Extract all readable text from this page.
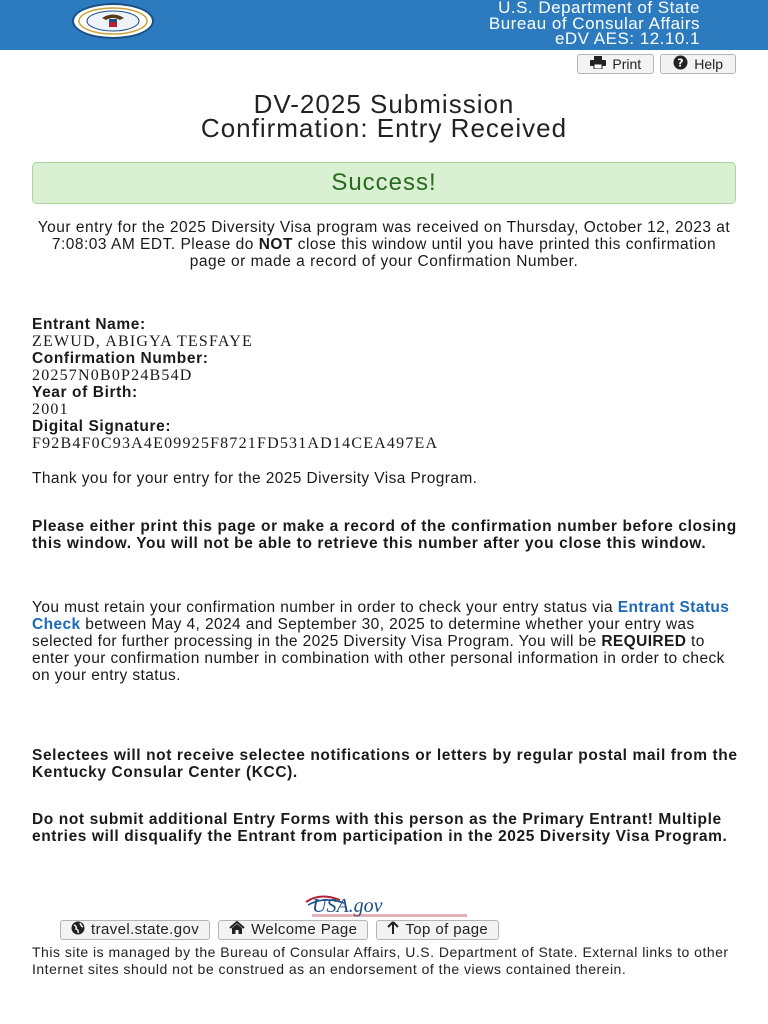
U.S. Department of State
Bureau of Consular Affairs
eDV AES: 12.10.1
Print	? Help
DV-2025 Submission
Confirmation: Entry Received
Success!
Your entry for the 2025 Diversity Visa program was received on Thursday, October 12, 2023 at 7:08:03 AM EDT. Please do NOT close this window until you have printed this confirmation page or made a record of your Confirmation Number.
Entrant Name:
ZEWUD, ABIGYA TESFAYE
Confirmation Number:
20257N0B0P24B54D
Year of Birth:
2001
Digital Signature:
F92B4F0C93A4E09925F8721FD531AD14CEA497EA
Thank you for your entry for the 2025 Diversity Visa Program.
Please either print this page or make a record of the confirmation number before closing this window. You will not be able to retrieve this number after you close this window.
You must retain your confirmation number in order to check your entry status via Entrant Status Check between May 4, 2024 and September 30, 2025 to determine whether your entry was selected for further processing in the 2025 Diversity Visa Program. You will be REQUIRED to enter your confirmation number in combination with other personal information in order to check on your entry status.
Selectees will not receive selectee notifications or letters by regular postal mail from the Kentucky Consular Center (KCC).
Do not submit additional Entry Forms with this person as the Primary Entrant! Multiple entries will disqualify the Entrant from participation in the 2025 Diversity Visa Program.
USA.gov
travel.state.gov	Welcome Page	Top of page
This site is managed by the Bureau of Consular Affairs, U.S. Department of State. External links to other Internet sites should not be construed as an endorsement of the views contained therein.
